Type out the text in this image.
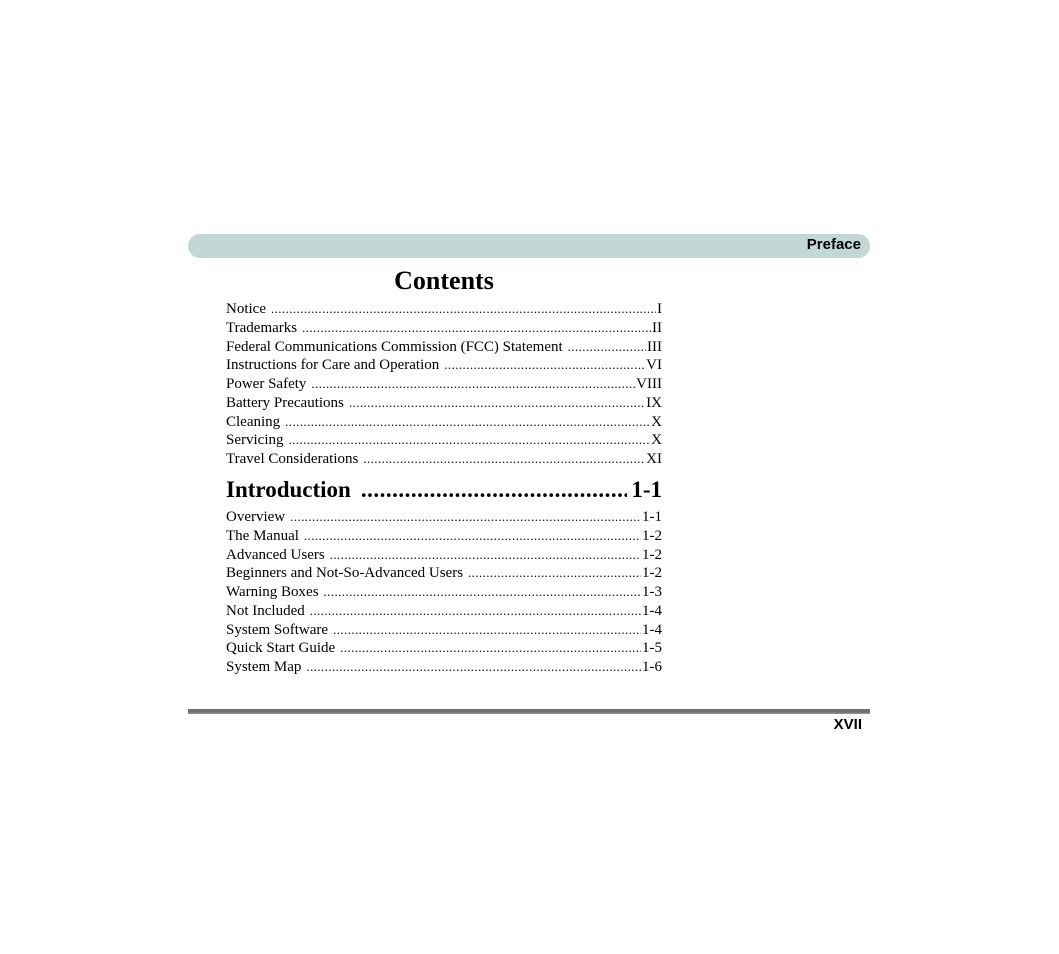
Preface
Contents
Notice .....	I
Trademarks .....	II
Federal Communications Commission (FCC) Statement .....	III
Instructions for Care and Operation .....	VI
Power Safety .....	VIII
Battery Precautions .....	IX
Cleaning .....	X
Servicing .....	X
Travel Considerations .....	XI
Introduction .....	1-1
Overview .....	1-1
The Manual .....	1-2
Advanced Users .....	1-2
Beginners and Not-So-Advanced Users .....	1-2
Warning Boxes .....	1-3
Not Included .....	1-4
System Software .....	1-4
Quick Start Guide .....	1-5
System Map .....	1-6
XVII
